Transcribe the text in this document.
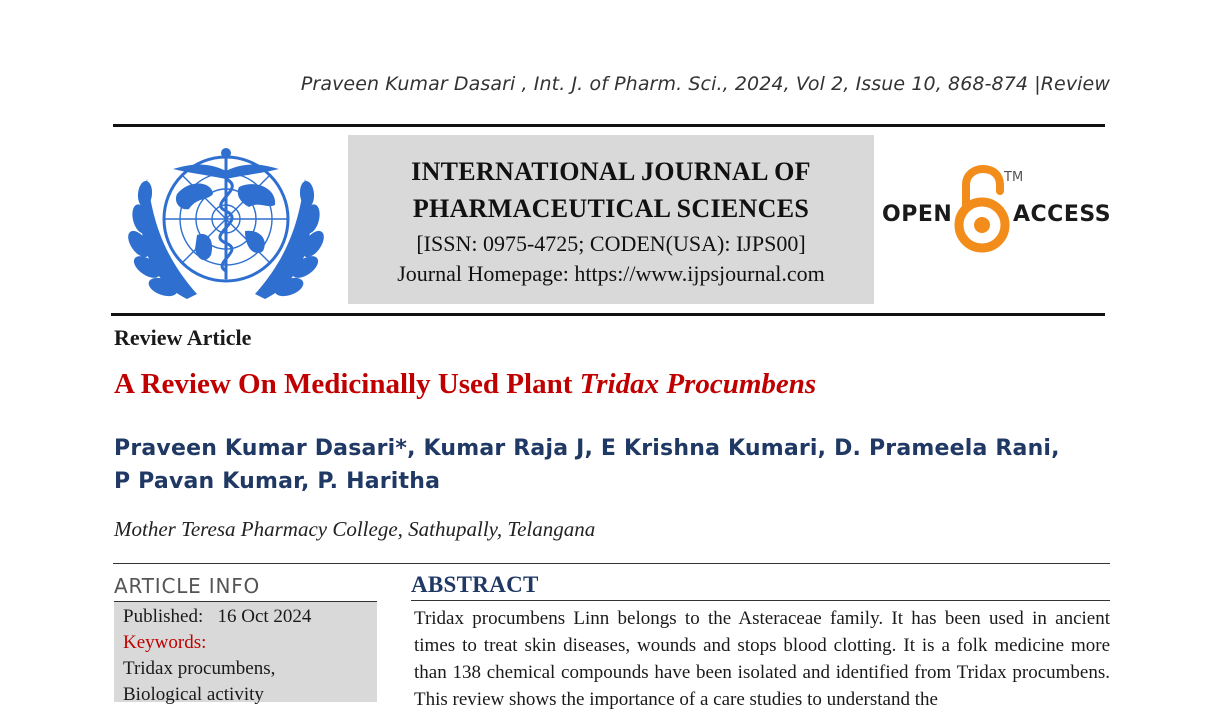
Praveen Kumar Dasari , Int. J. of Pharm. Sci., 2024, Vol 2, Issue 10, 868-874 |Review
INTERNATIONAL JOURNAL OF
PHARMACEUTICAL SCIENCES
[ISSN: 0975-4725; CODEN(USA): IJPS00]
Journal Homepage: https://www.ijpsjournal.com
OPEN
TM
ACCESS
Review Article
A Review On Medicinally Used Plant Tridax Procumbens
Praveen Kumar Dasari*, Kumar Raja J, E Krishna Kumari, D. Prameela Rani,
P Pavan Kumar, P. Haritha
Mother Teresa Pharmacy College, Sathupally, Telangana
ARTICLE INFO
Published: 16 Oct 2024
Keywords:
Tridax procumbens,
Biological activity
ABSTRACT
Tridax procumbens Linn belongs to the Asteraceae family. It has been used in ancient times to treat skin diseases, wounds and stops blood clotting. It is a folk medicine more than 138 chemical compounds have been isolated and identified from Tridax procumbens. This review shows the importance of a care studies to understand the
